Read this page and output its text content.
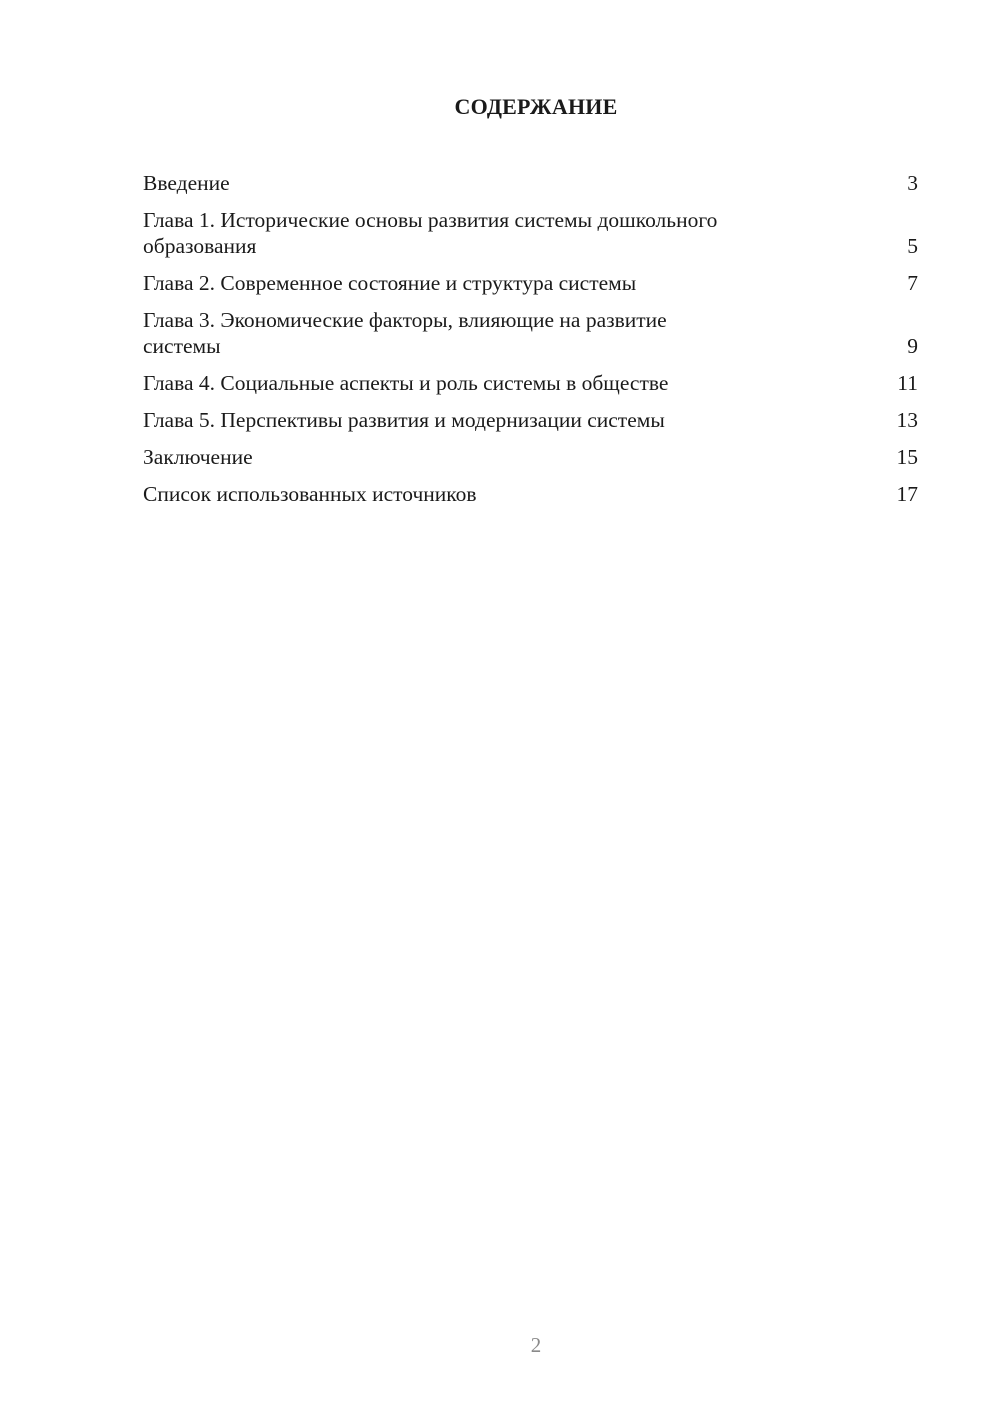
СОДЕРЖАНИЕ
Введение	3
Глава 1. Исторические основы развития системы дошкольного
образования	5
Глава 2. Современное состояние и структура системы	7
Глава 3. Экономические факторы, влияющие на развитие
системы	9
Глава 4. Социальные аспекты и роль системы в обществе	11
Глава 5. Перспективы развития и модернизации системы	13
Заключение	15
Список использованных источников	17
2
